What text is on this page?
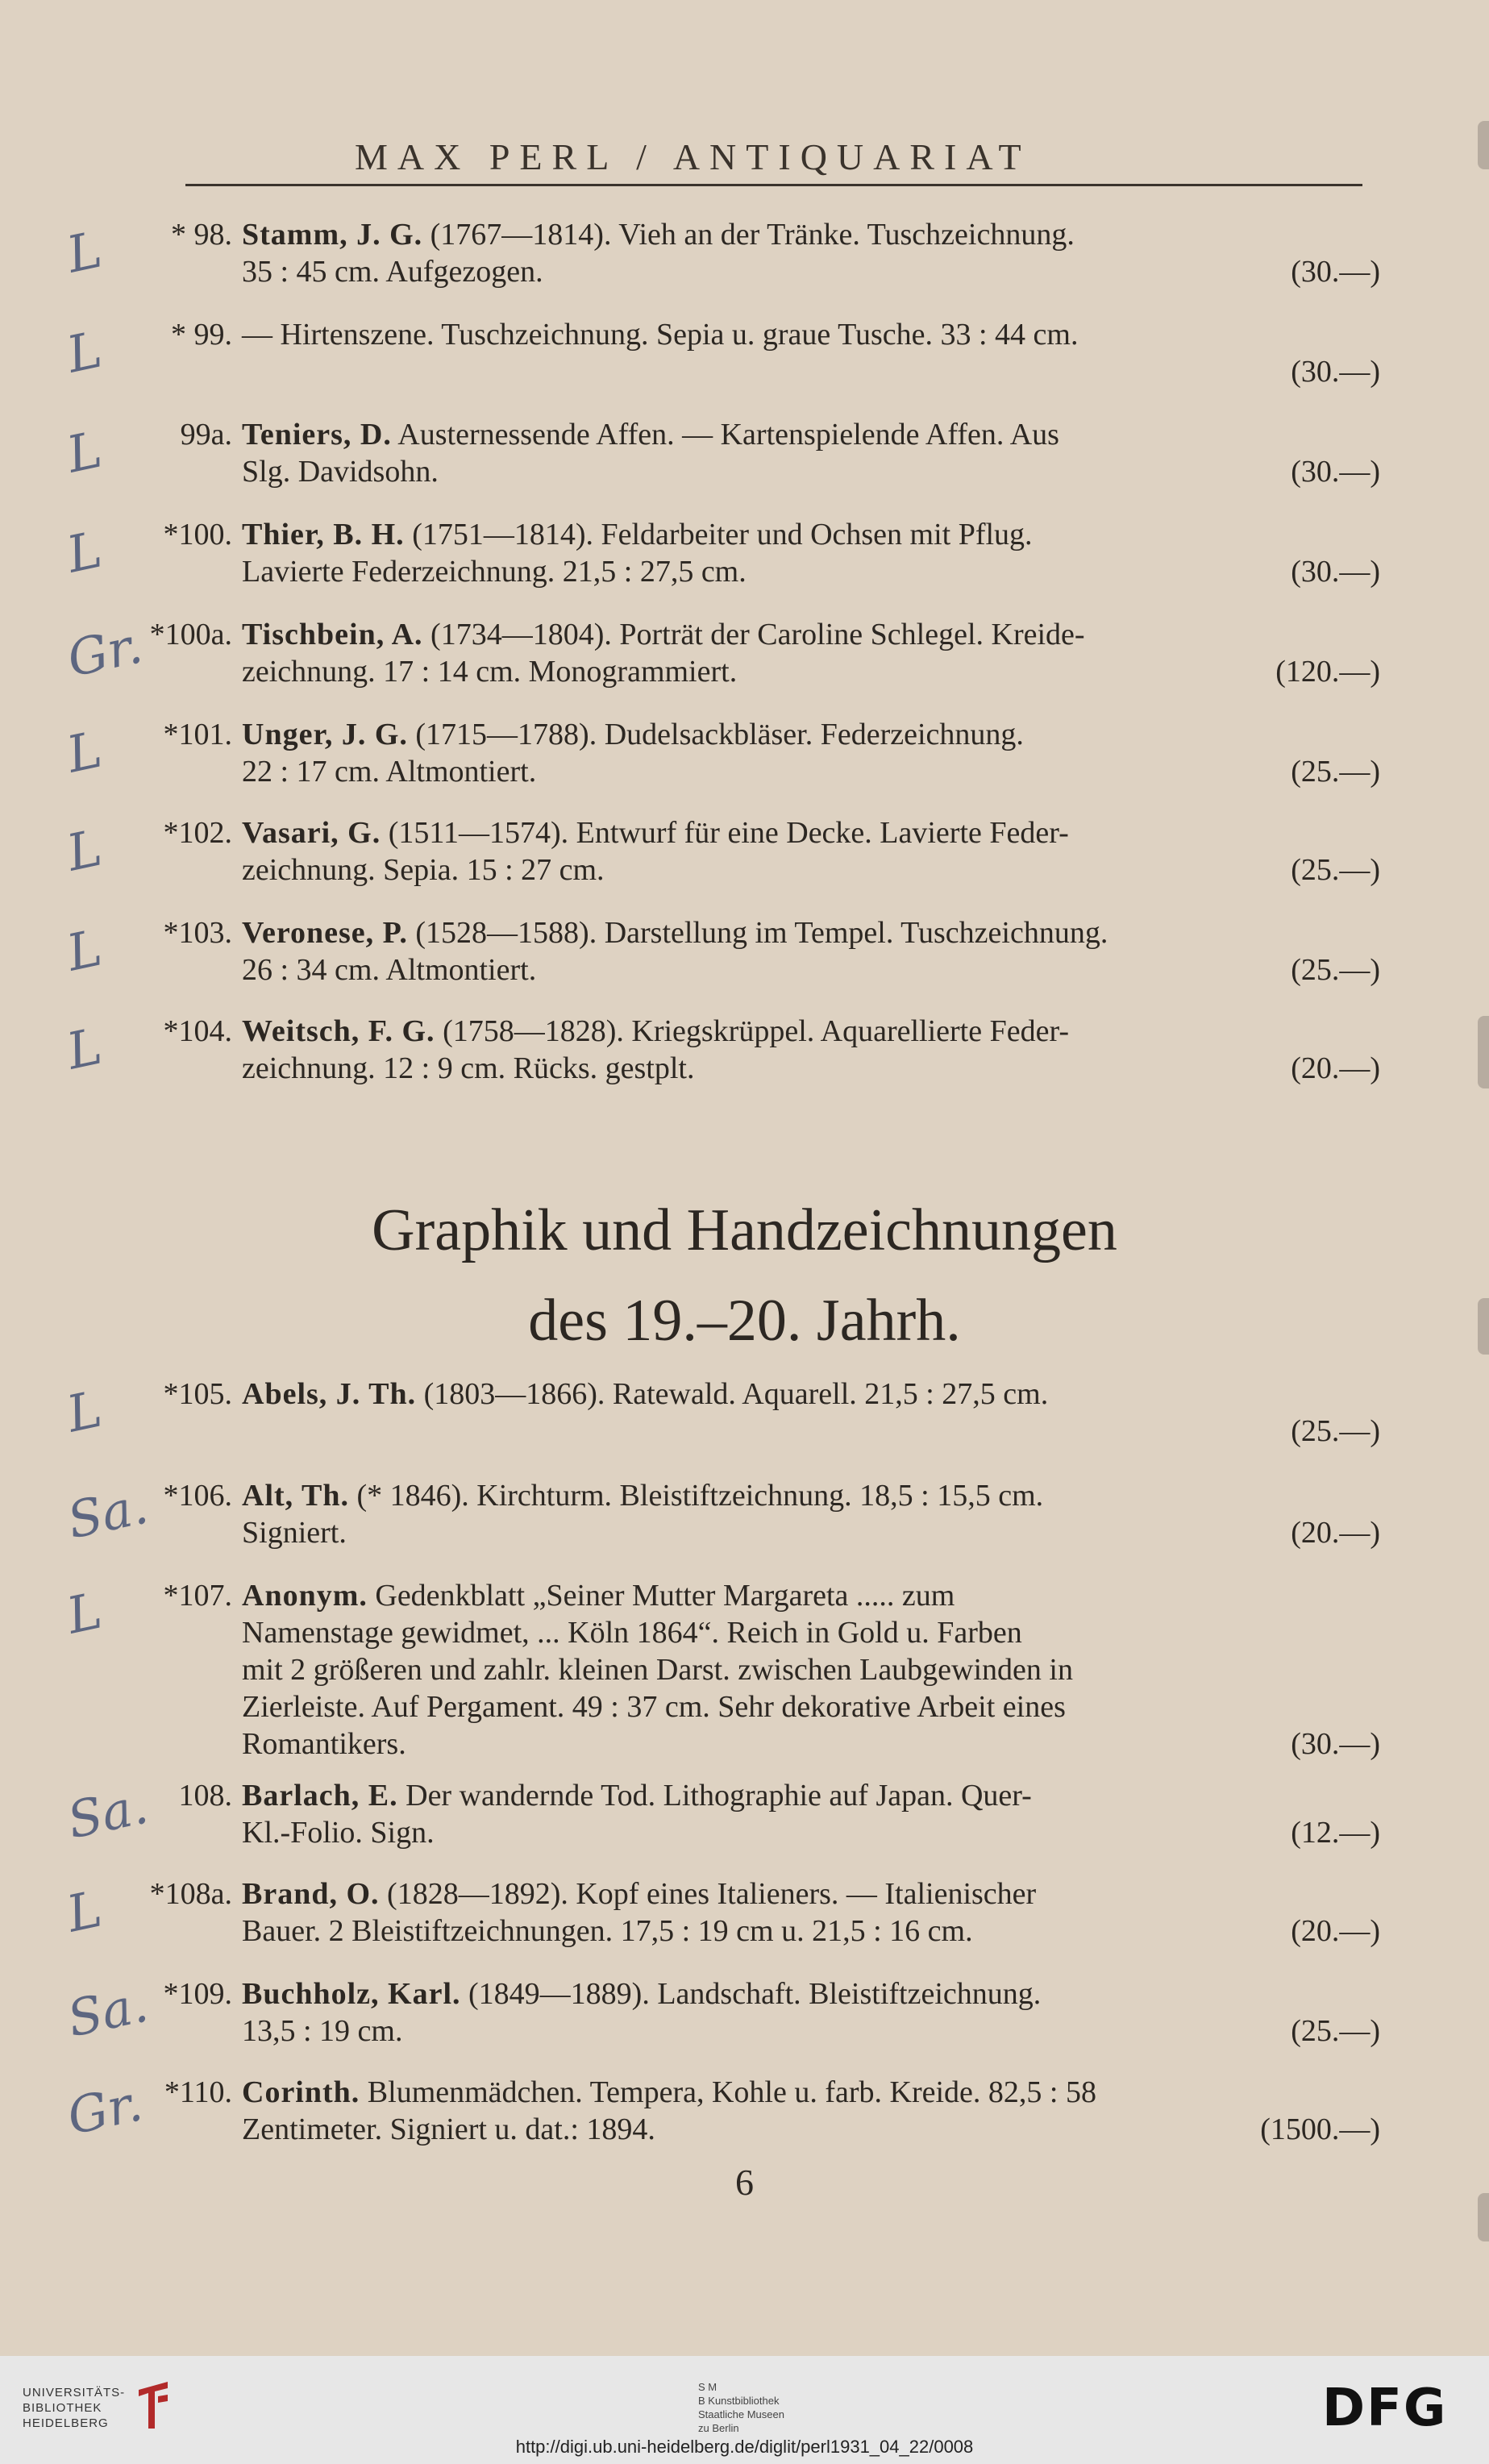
MAX PERL / ANTIQUARIAT
L	* 98. Stamm, J. G. (1767—1814). Vieh an der Tränke. Tuschzeichnung.
35 : 45 cm. Aufgezogen.	(30.—)
L	* 99. — Hirtenszene. Tuschzeichnung. Sepia u. graue Tusche. 33 : 44 cm.

(30.—)
L	99a. Teniers, D. Austernessende Affen. — Kartenspielende Affen. Aus
Slg. Davidsohn.	(30.—)
L	*100. Thier, B. H. (1751—1814). Feldarbeiter und Ochsen mit Pflug.
Lavierte Federzeichnung. 21,5 : 27,5 cm.	(30.—)
Gr. *100a. Tischbein, A. (1734—1804). Porträt der Caroline Schlegel. Kreide-
zeichnung. 17 : 14 cm. Monogrammiert.	(120.—)
L	*101. Unger, J. G. (1715—1788). Dudelsackbläser. Federzeichnung.
22 : 17 cm. Altmontiert.	(25.—)
L	*102. Vasari, G. (1511—1574). Entwurf für eine Decke. Lavierte Feder-
zeichnung. Sepia. 15 : 27 cm.	(25.—)
L	*103. Veronese, P. (1528—1588). Darstellung im Tempel. Tuschzeichnung.
26 : 34 cm. Altmontiert.	(25.—)
L	*104. Weitsch, F. G. (1758—1828). Kriegskrüppel. Aquarellierte Feder-
zeichnung. 12 : 9 cm. Rücks. gestplt.	(20.—)
Graphik und Handzeichnungen
des 19.–20. Jahrh.
L	*105. Abels, J. Th. (1803—1866). Ratewald. Aquarell. 21,5 : 27,5 cm.

(25.—)
Sa. *106. Alt, Th. (* 1846). Kirchturm. Bleistiftzeichnung. 18,5 : 15,5 cm.
Signiert.	(20.—)
L	*107. Anonym. Gedenkblatt „Seiner Mutter Margareta ..... zum
Namenstage gewidmet, ... Köln 1864“. Reich in Gold u. Farben
mit 2 größeren und zahlr. kleinen Darst. zwischen Laubgewinden in
Zierleiste. Auf Pergament. 49 : 37 cm. Sehr dekorative Arbeit eines
Romantikers.	(30.—)
Sa. 108. Barlach, E. Der wandernde Tod. Lithographie auf Japan. Quer-
Kl.-Folio. Sign.	(12.—)
L	*108a. Brand, O. (1828—1892). Kopf eines Italieners. — Italienischer
Bauer. 2 Bleistiftzeichnungen. 17,5 : 19 cm u. 21,5 : 16 cm.	(20.—)
Sa. *109. Buchholz, Karl. (1849—1889). Landschaft. Bleistiftzeichnung.
13,5 : 19 cm.	(25.—)
Gr. *110. Corinth. Blumenmädchen. Tempera, Kohle u. farb. Kreide. 82,5 : 58
Zentimeter. Signiert u. dat.: 1894.	(1500.—)
6
UNIVERSITÄTS-
BIBLIOTHEK
HEIDELBERG
S M
B Kunstbibliothek
Staatliche Museen
zu Berlin	DFG
http://digi.ub.uni-heidelberg.de/diglit/perl1931_04_22/0008
